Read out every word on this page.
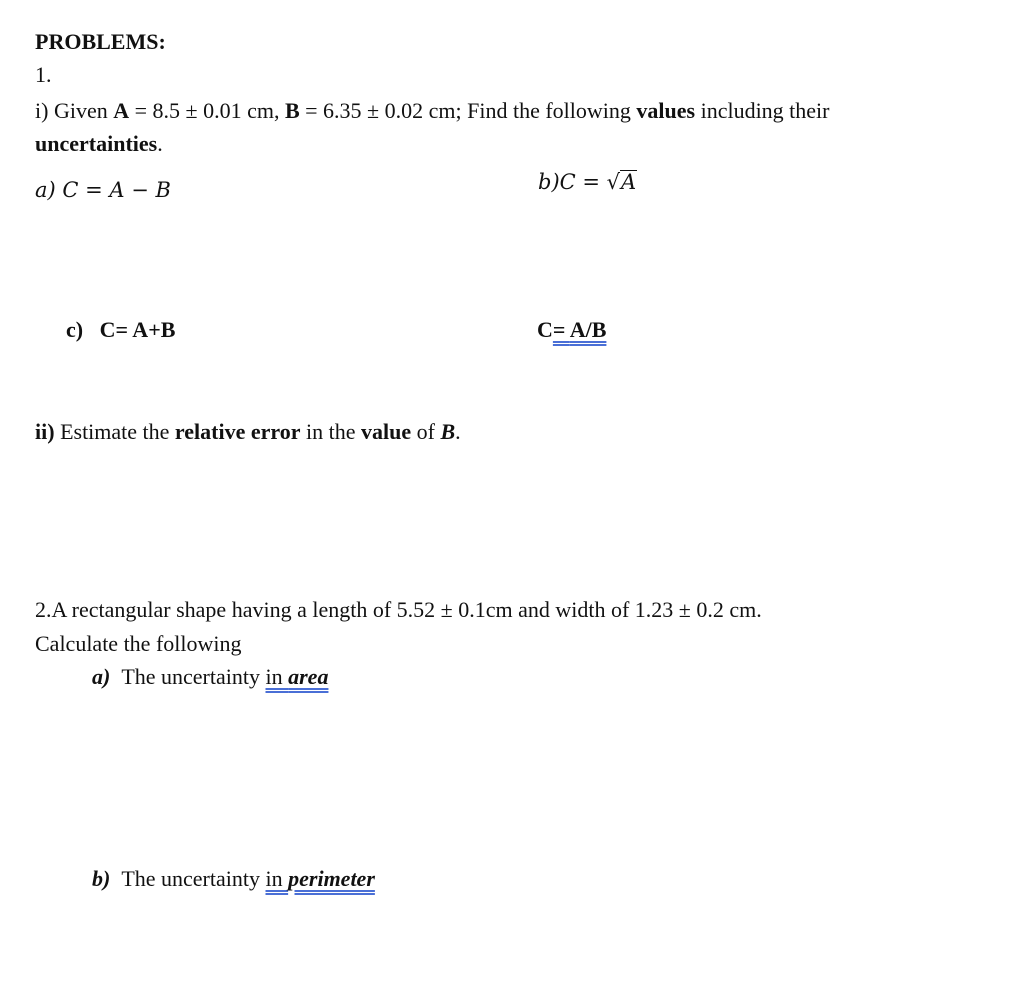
PROBLEMS:
1.
i) Given A = 8.5 ± 0.01 cm, B = 6.35 ± 0.02 cm; Find the following values including their
uncertainties.
a) C = A − B	b)C = √A
c) C= A+B	C= A/B
ii) Estimate the relative error in the value of B.
2.A rectangular shape having a length of 5.52 ± 0.1cm and width of 1.23 ± 0.2 cm.
Calculate the following
a) The uncertainty in area
b) The uncertainty in perimeter
